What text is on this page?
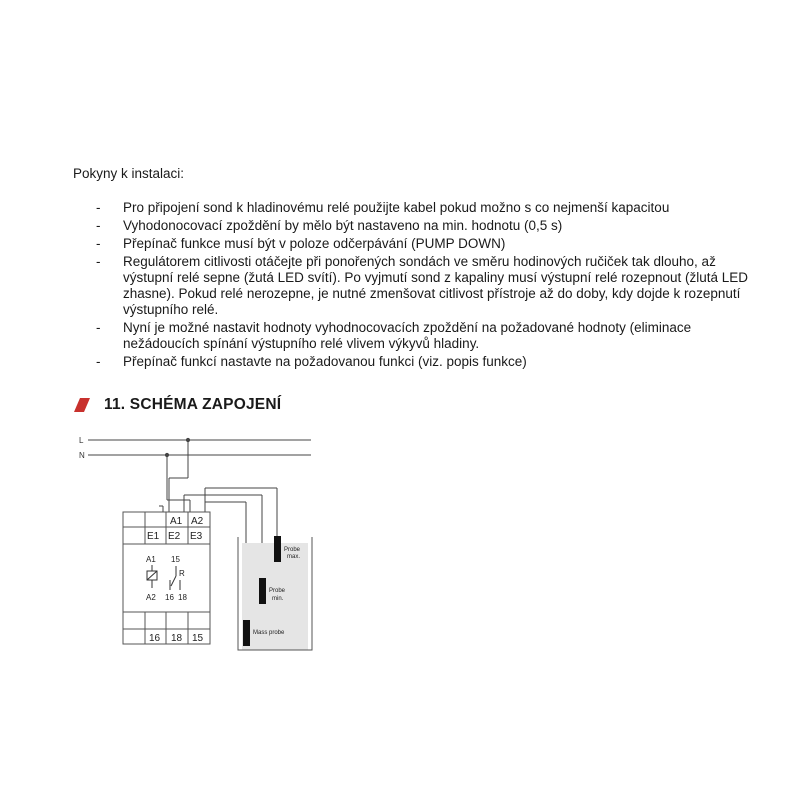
Pokyny k instalaci:
- Pro připojení sond k hladinovému relé použijte kabel pokud možno s co nejmenší kapacitou
- Vyhodonocovací zpoždění by mělo být nastaveno na min. hodnotu (0,5 s)
- Přepínač funkce musí být v poloze odčerpávání (PUMP DOWN)
- Regulátorem citlivosti otáčejte při ponořených sondách ve směru hodinových ručiček tak dlouho, až výstupní relé sepne (žutá LED svítí). Po vyjmutí sond z kapaliny musí výstupní relé rozepnout (žlutá LED zhasne). Pokud relé nerozepne, je nutné zmenšovat citlivost přístroje až do doby, kdy dojde k rozepnutí výstupního relé.
- Nyní je možné nastavit hodnoty vyhodnocovacích zpoždění na požadované hodnoty (eliminace nežádoucích spínání výstupního relé vlivem výkyvů hladiny.
- Přepínač funkcí nastavte na požadovanou funkci (viz. popis funkce)
11. SCHÉMA ZAPOJENÍ
L
N
A1 A2
E1 E2 E3
A1
A2
15
R
16 18
16 18 15
Probe
max.
Probe
min.
Mass probe
